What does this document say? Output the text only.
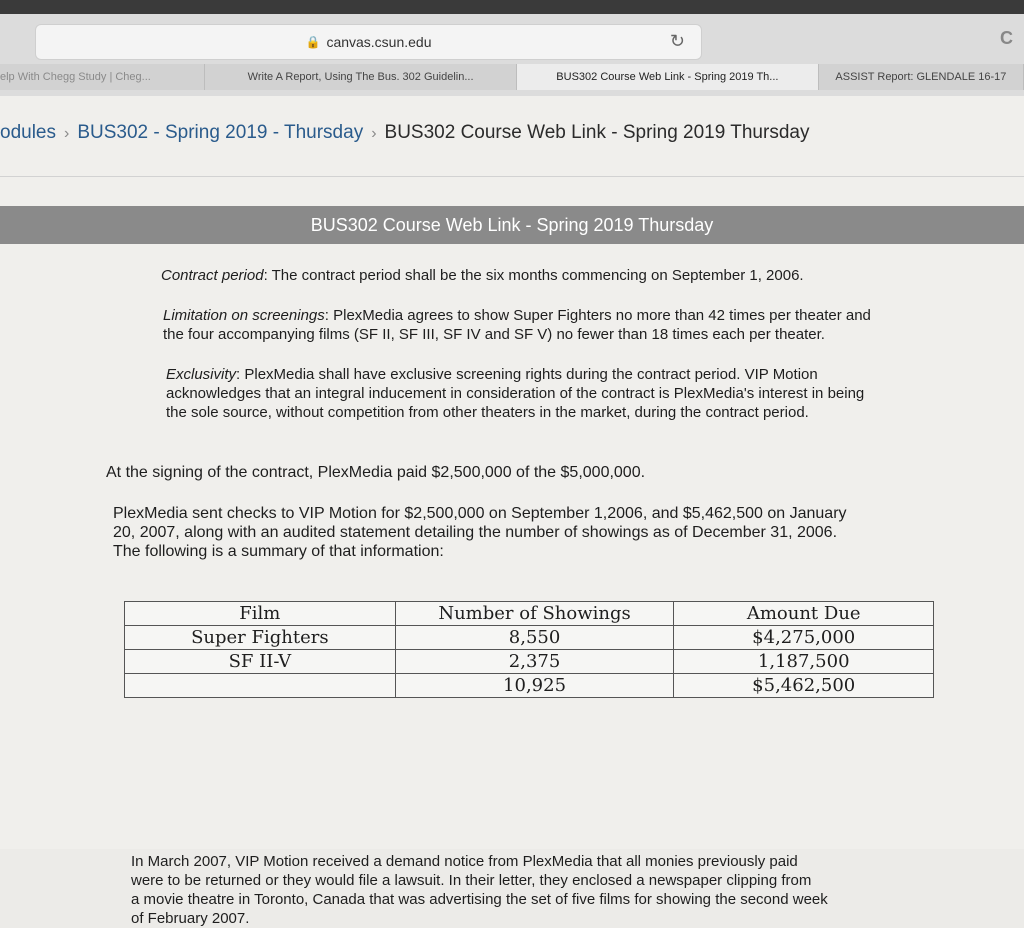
🔒 canvas.csun.edu	↻	C
elp With Chegg Study | Cheg...	Write A Report, Using The Bus. 302 Guidelin...	BUS302 Course Web Link - Spring 2019 Th...	ASSIST Report: GLENDALE 16-17
odules › BUS302 - Spring 2019 - Thursday › BUS302 Course Web Link - Spring 2019 Thursday
BUS302 Course Web Link - Spring 2019 Thursday
Contract period: The contract period shall be the six months commencing on September 1, 2006.
Limitation on screenings: PlexMedia agrees to show Super Fighters no more than 42 times per theater and
the four accompanying films (SF II, SF III, SF IV and SF V) no fewer than 18 times each per theater.
Exclusivity: PlexMedia shall have exclusive screening rights during the contract period. VIP Motion
acknowledges that an integral inducement in consideration of the contract is PlexMedia's interest in being
the sole source, without competition from other theaters in the market, during the contract period.
At the signing of the contract, PlexMedia paid $2,500,000 of the $5,000,000.
PlexMedia sent checks to VIP Motion for $2,500,000 on September 1,2006, and $5,462,500 on January
20, 2007, along with an audited statement detailing the number of showings as of December 31, 2006.
The following is a summary of that information:
In March 2007, VIP Motion received a demand notice from PlexMedia that all monies previously paid
were to be returned or they would file a lawsuit. In their letter, they enclosed a newspaper clipping from
a movie theatre in Toronto, Canada that was advertising the set of five films for showing the second week
of February 2007.
Film	Number of Showings	Amount Due
Super Fighters	8,550	$4,275,000
SF II-V	2,375	1,187,500
	10,925	$5,462,500
